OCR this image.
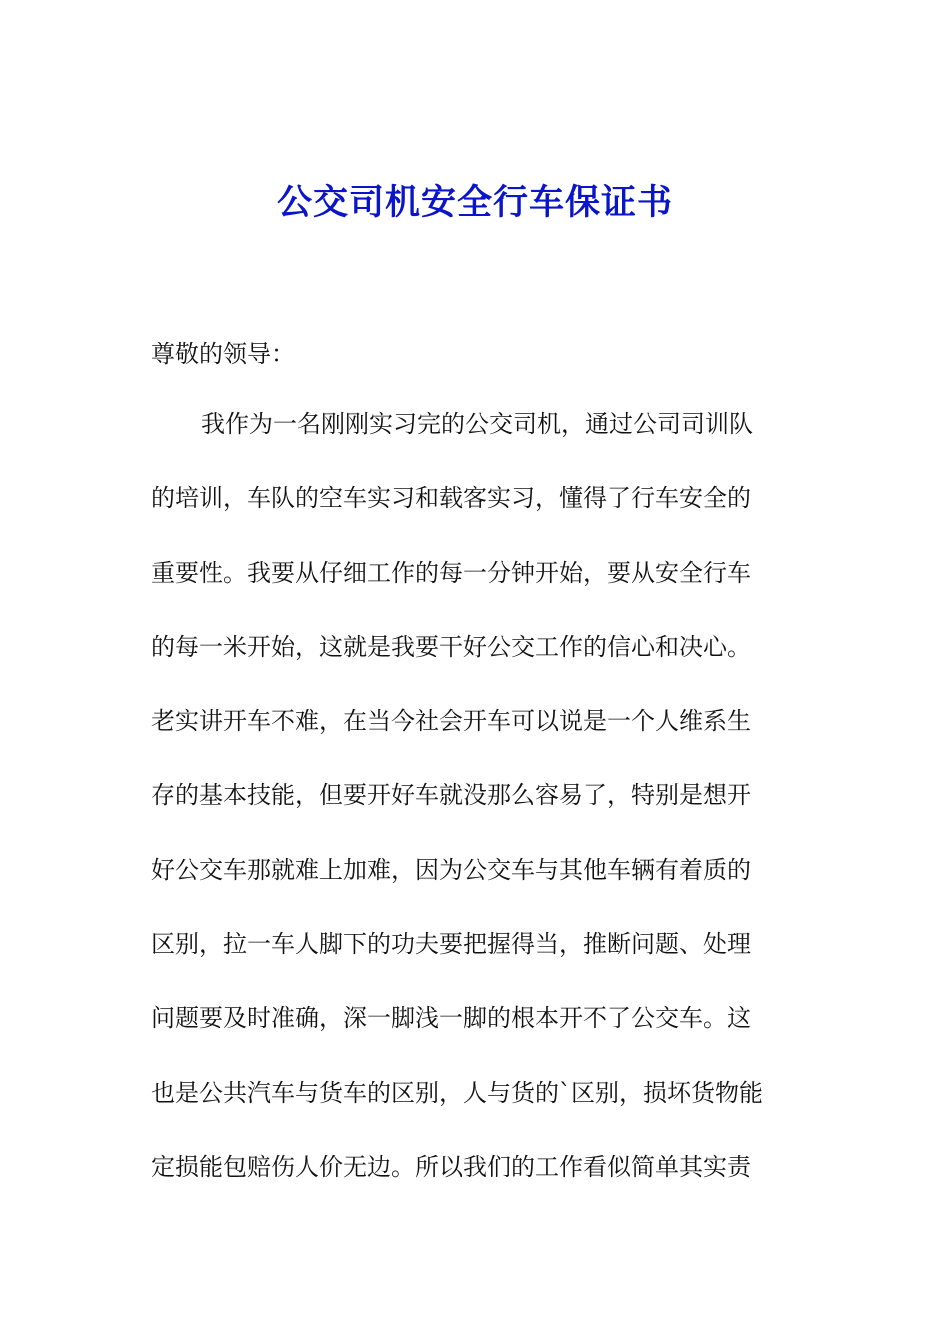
公交司机安全行车保证书

尊敬的领导：

我作为一名刚刚实习完的公交司机，通过公司司训队
的培训，车队的空车实习和载客实习，懂得了行车安全的
重要性。我要从仔细工作的每一分钟开始，要从安全行车
的每一米开始，这就是我要干好公交工作的信心和决心。
老实讲开车不难，在当今社会开车可以说是一个人维系生
存的基本技能，但要开好车就没那么容易了，特别是想开
好公交车那就难上加难，因为公交车与其他车辆有着质的
区别，拉一车人脚下的功夫要把握得当，推断问题、处理
问题要及时准确，深一脚浅一脚的根本开不了公交车。这
也是公共汽车与货车的区别，人与货的`区别，损坏货物能
定损能包赔伤人价无边。所以我们的工作看似简单其实责
